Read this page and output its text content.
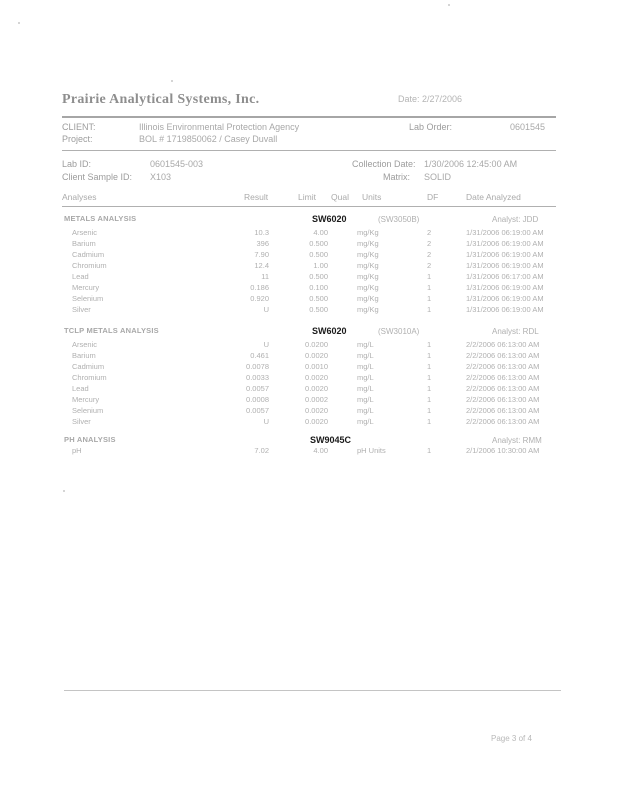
Prairie Analytical Systems, Inc.	Date: 2/27/2006
CLIENT:	Illinois Environmental Protection Agency
Project:	BOL # 1719850062 / Casey Duvall
Lab Order:	0601545
Lab ID:	0601545-003
Client Sample ID: X103
Collection Date: 1/30/2006 12:45:00 AM
Matrix: SOLID
Analyses	Result	Limit Qual Units	DF	Date Analyzed
METALS ANALYSIS	SW6020	(SW3050B)	Analyst: JDD
Arsenic	10.3	4.00	mg/Kg	2	1/31/2006 06:19:00 AM
Barium	396	0.500	mg/Kg	2	1/31/2006 06:19:00 AM
Cadmium	7.90	0.500	mg/Kg	2	1/31/2006 06:19:00 AM
Chromium	12.4	1.00	mg/Kg	2	1/31/2006 06:19:00 AM
Lead	11	0.500	mg/Kg	1	1/31/2006 06:17:00 AM
Mercury	0.186	0.100	mg/Kg	1	1/31/2006 06:19:00 AM
Selenium	0.920	0.500	mg/Kg	1	1/31/2006 06:19:00 AM
Silver	U	0.500	mg/Kg	1	1/31/2006 06:19:00 AM
TCLP METALS ANALYSIS	SW6020	(SW3010A)	Analyst: RDL
Arsenic	U	0.0200	mg/L	1	2/2/2006 06:13:00 AM
Barium	0.461	0.0020	mg/L	1	2/2/2006 06:13:00 AM
Cadmium	0.0078	0.0010	mg/L	1	2/2/2006 06:13:00 AM
Chromium	0.0033	0.0020	mg/L	1	2/2/2006 06:13:00 AM
Lead	0.0057	0.0020	mg/L	1	2/2/2006 06:13:00 AM
Mercury	0.0008	0.0002	mg/L	1	2/2/2006 06:13:00 AM
Selenium	0.0057	0.0020	mg/L	1	2/2/2006 06:13:00 AM
Silver	U	0.0020	mg/L	1	2/2/2006 06:13:00 AM
PH ANALYSIS	SW9045C	Analyst: RMM
pH	7.02	4.00	pH Units	1	2/1/2006 10:30:00 AM
Page 3 of 4
